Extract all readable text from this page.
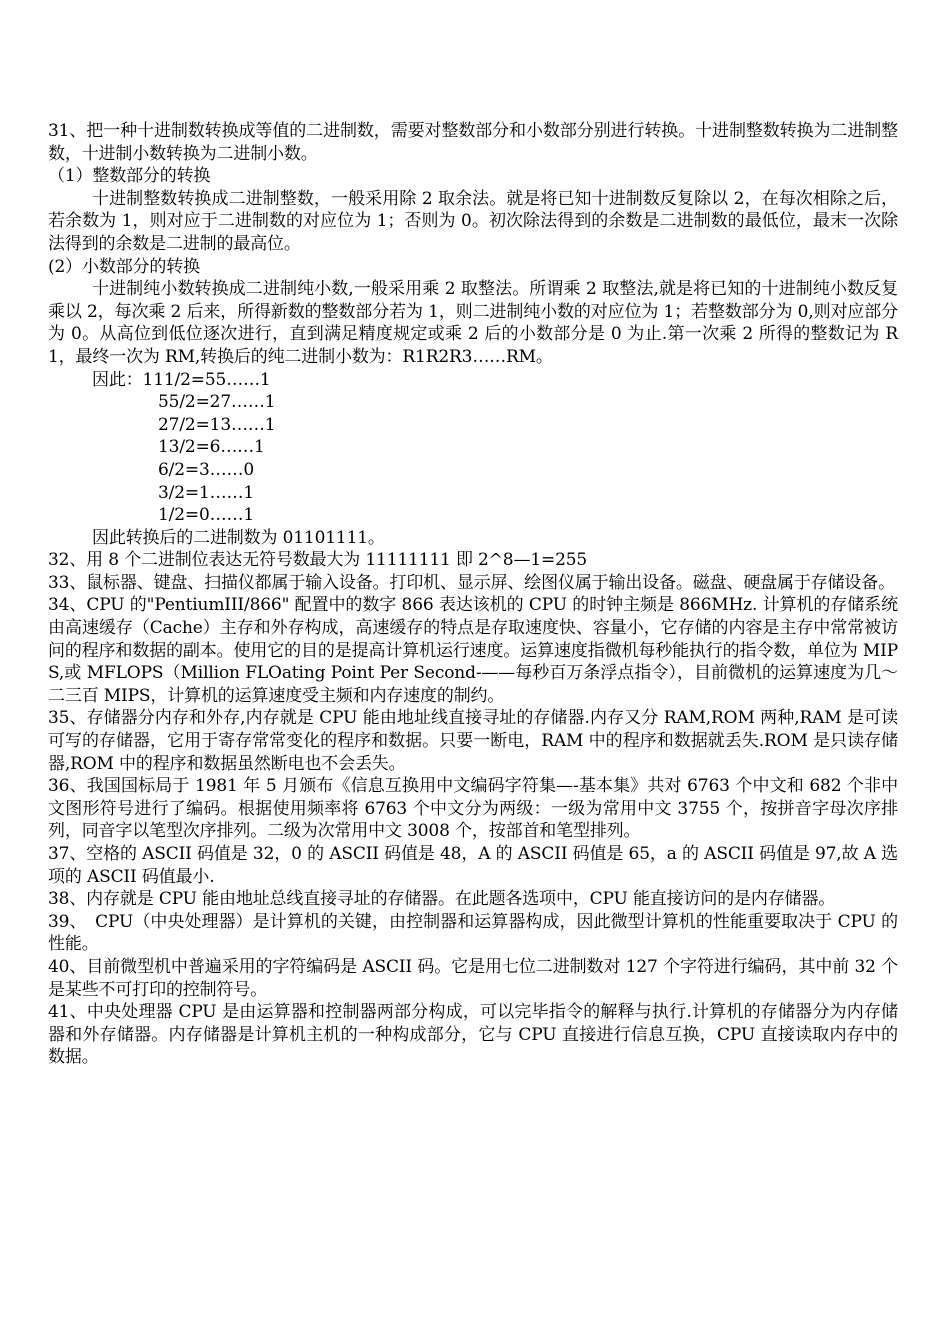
31、把一种十进制数转换成等值的二进制数，需要对整数部分和小数部分别进行转换。十进制整数转换为二进制整数，十进制小数转换为二进制小数。

（1）整数部分的转换

十进制整数转换成二进制整数，一般采用除 2 取余法。就是将已知十进制数反复除以 2，在每次相除之后，若余数为 1，则对应于二进制数的对应位为 1；否则为 0。初次除法得到的余数是二进制数的最低位，最末一次除法得到的余数是二进制的最高位。

(2）小数部分的转换

十进制纯小数转换成二进制纯小数,一般采用乘 2 取整法。所谓乘 2 取整法,就是将已知的十进制纯小数反复乘以 2，每次乘 2 后来，所得新数的整数部分若为 1，则二进制纯小数的对应位为 1；若整数部分为 0,则对应部分为 0。从高位到低位逐次进行，直到满足精度规定或乘 2 后的小数部分是 0 为止.第一次乘 2 所得的整数记为 R1，最终一次为 RM,转换后的纯二进制小数为：R1R2R3……RM。

因此：111/2=55……1

55/2=27……1

27/2=13……1

13/2=6……1

6/2=3……0

3/2=1……1

1/2=0……1

因此转换后的二进制数为 01101111。

32、用 8 个二进制位表达无符号数最大为 11111111 即 2^8—1=255

33、鼠标器、键盘、扫描仪都属于输入设备。打印机、显示屏、绘图仪属于输出设备。磁盘、硬盘属于存储设备。

34、CPU 的"PentiumIII/866" 配置中的数字 866 表达该机的 CPU 的时钟主频是 866MHz. 计算机的存储系统由高速缓存（Cache）主存和外存构成，高速缓存的特点是存取速度快、容量小，它存储的内容是主存中常常被访问的程序和数据的副本。使用它的目的是提高计算机运行速度。运算速度指微机每秒能执行的指令数，单位为 MIPS,或 MFLOPS（Million FLOating Point Per Second-——每秒百万条浮点指令），目前微机的运算速度为几～二三百 MIPS，计算机的运算速度受主频和内存速度的制约。

35、存储器分内存和外存,内存就是 CPU 能由地址线直接寻址的存储器.内存又分 RAM,ROM 两种,RAM 是可读可写的存储器，它用于寄存常常变化的程序和数据。只要一断电，RAM 中的程序和数据就丢失.ROM 是只读存储器,ROM 中的程序和数据虽然断电也不会丢失。

36、我国国标局于 1981 年 5 月颁布《信息互换用中文编码字符集—-基本集》共对 6763 个中文和 682 个非中文图形符号进行了编码。根据使用频率将 6763 个中文分为两级：一级为常用中文 3755 个，按拼音字母次序排列，同音字以笔型次序排列。二级为次常用中文 3008 个，按部首和笔型排列。

37、空格的 ASCII 码值是 32，0 的 ASCII 码值是 48，A 的 ASCII 码值是 65，a 的 ASCII 码值是 97,故 A 选项的 ASCII 码值最小.

38、内存就是 CPU 能由地址总线直接寻址的存储器。在此题各选项中，CPU 能直接访问的是内存储器。

39、　CPU（中央处理器）是计算机的关键，由控制器和运算器构成，因此微型计算机的性能重要取决于 CPU 的性能。

40、目前微型机中普遍采用的字符编码是 ASCII 码。它是用七位二进制数对 127 个字符进行编码，其中前 32 个是某些不可打印的控制符号。

41、中央处理器 CPU 是由运算器和控制器两部分构成，可以完毕指令的解释与执行.计算机的存储器分为内存储器和外存储器。内存储器是计算机主机的一种构成部分，它与 CPU 直接进行信息互换，CPU 直接读取内存中的数据。
